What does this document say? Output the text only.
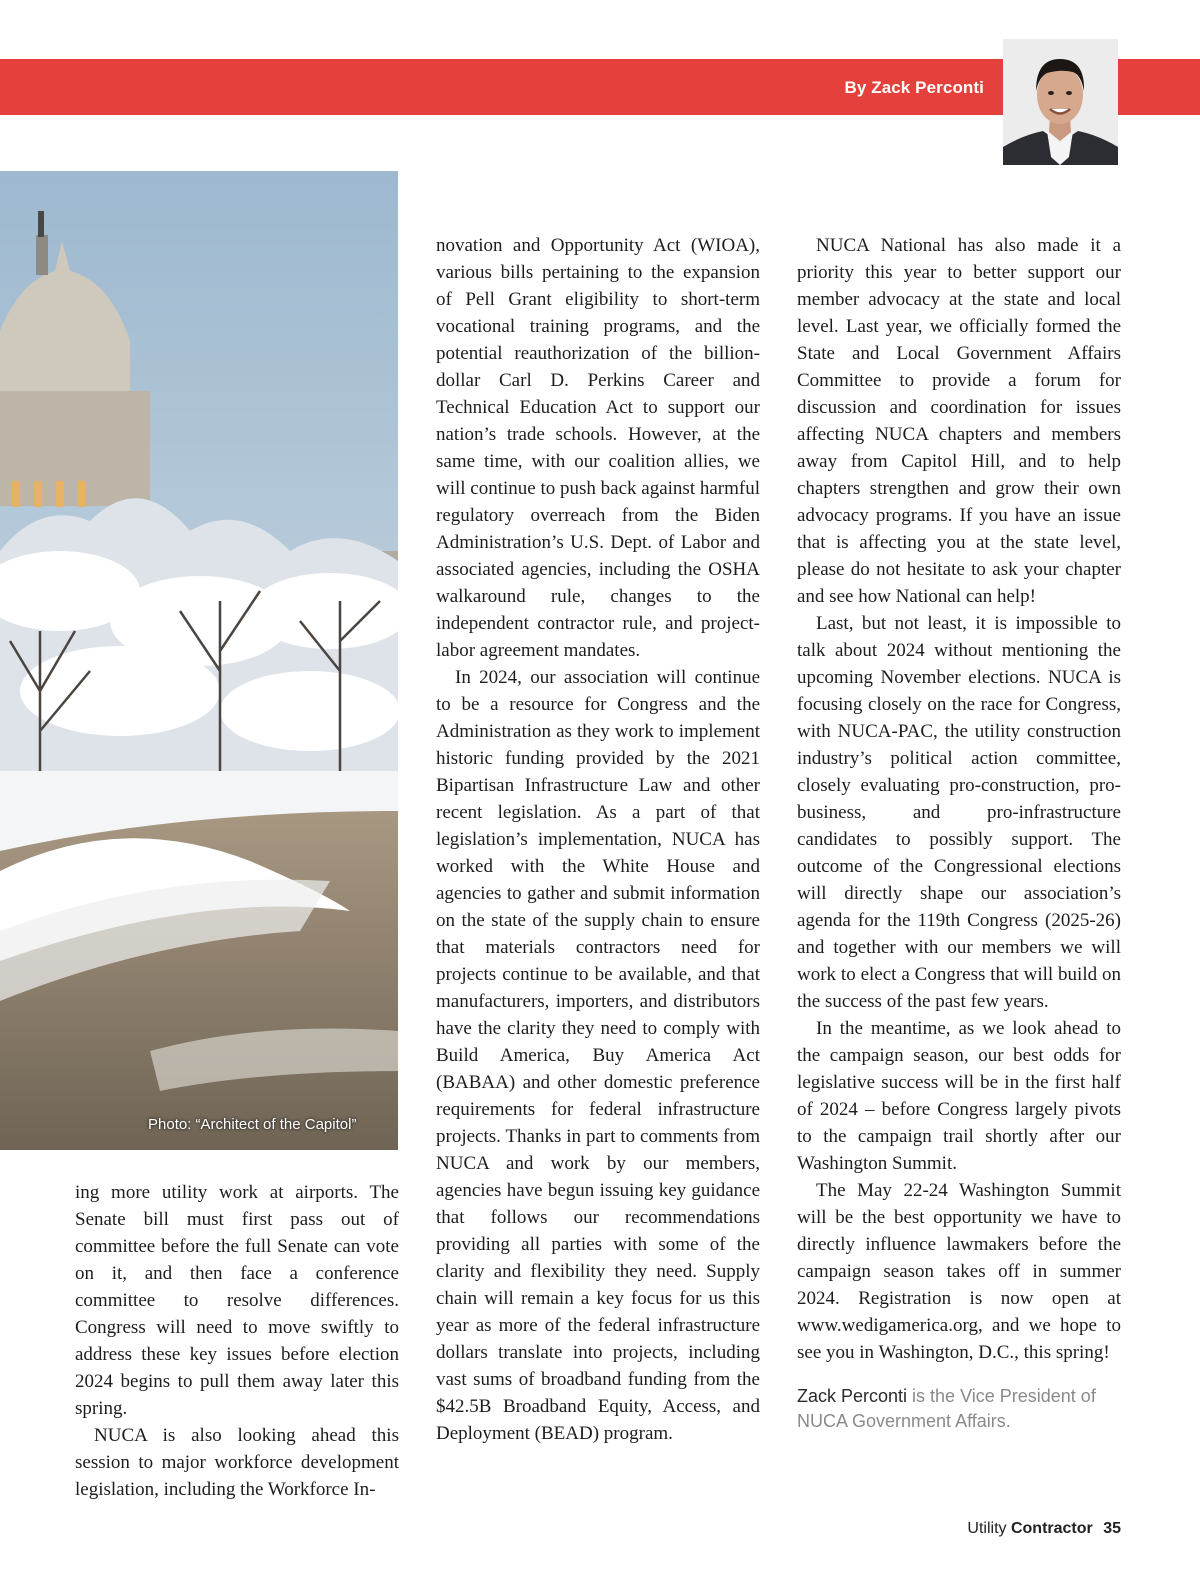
By Zack Perconti
Photo: “Architect of the Capitol”

ing more utility work at airports. The Senate bill must first pass out of committee before the full Senate can vote on it, and then face a conference committee to resolve differences. Congress will need to move swiftly to address these key issues before election 2024 begins to pull them away later this spring.

NUCA is also looking ahead this session to major workforce development legislation, including the Workforce In-

novation and Opportunity Act (WIOA), various bills pertaining to the expansion of Pell Grant eligibility to short-term vocational training programs, and the potential reauthorization of the billion-dollar Carl D. Perkins Career and Technical Education Act to support our nation’s trade schools. However, at the same time, with our coalition allies, we will continue to push back against harmful regulatory overreach from the Biden Administration’s U.S. Dept. of Labor and associated agencies, including the OSHA walkaround rule, changes to the independent contractor rule, and project-labor agreement mandates.

In 2024, our association will continue to be a resource for Congress and the Administration as they work to implement historic funding provided by the 2021 Bipartisan Infrastructure Law and other recent legislation. As a part of that legislation’s implementation, NUCA has worked with the White House and agencies to gather and submit information on the state of the supply chain to ensure that materials contractors need for projects continue to be available, and that manufacturers, importers, and distributors have the clarity they need to comply with Build America, Buy America Act (BABAA) and other domestic preference requirements for federal infrastructure projects. Thanks in part to comments from NUCA and work by our members, agencies have begun issuing key guidance that follows our recommendations providing all parties with some of the clarity and flexibility they need. Supply chain will remain a key focus for us this year as more of the federal infrastructure dollars translate into projects, including vast sums of broadband funding from the $42.5B Broadband Equity, Access, and Deployment (BEAD) program.

NUCA National has also made it a priority this year to better support our member advocacy at the state and local level. Last year, we officially formed the State and Local Government Affairs Committee to provide a forum for discussion and coordination for issues affecting NUCA chapters and members away from Capitol Hill, and to help chapters strengthen and grow their own advocacy programs. If you have an issue that is affecting you at the state level, please do not hesitate to ask your chapter and see how National can help!

Last, but not least, it is impossible to talk about 2024 without mentioning the upcoming November elections. NUCA is focusing closely on the race for Congress, with NUCA-PAC, the utility construction industry’s political action committee, closely evaluating pro-construction, pro-business, and pro-infrastructure candidates to possibly support. The outcome of the Congressional elections will directly shape our association’s agenda for the 119th Congress (2025-26) and together with our members we will work to elect a Congress that will build on the success of the past few years.

In the meantime, as we look ahead to the campaign season, our best odds for legislative success will be in the first half of 2024 – before Congress largely pivots to the campaign trail shortly after our Washington Summit.

The May 22-24 Washington Summit will be the best opportunity we have to directly influence lawmakers before the campaign season takes off in summer 2024. Registration is now open at www.wedigamerica.org, and we hope to see you in Washington, D.C., this spring!

Zack Perconti is the Vice President of NUCA Government Affairs.
Utility Contractor 35
